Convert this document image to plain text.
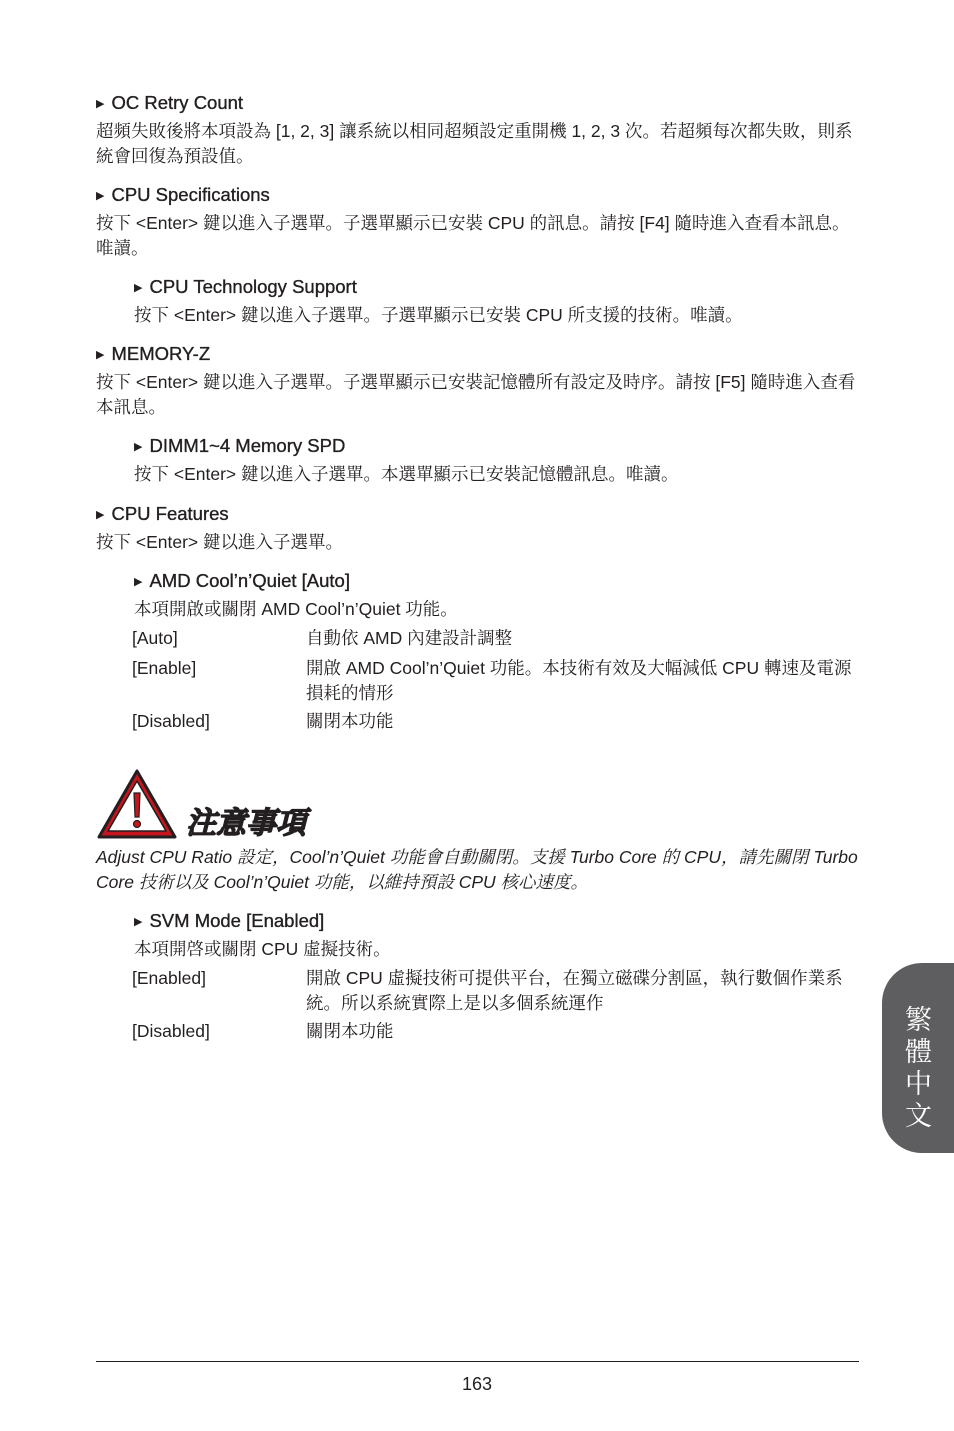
▶ OC Retry Count
超頻失敗後將本項設為 [1, 2, 3] 讓系統以相同超頻設定重開機 1, 2, 3 次。若超頻每次都失敗，則系統會回復為預設值。
▶ CPU Specifications
按下 <Enter> 鍵以進入子選單。子選單顯示已安裝 CPU 的訊息。請按 [F4] 隨時進入查看本訊息。唯讀。
▶ CPU Technology Support
按下 <Enter> 鍵以進入子選單。子選單顯示已安裝 CPU 所支援的技術。唯讀。
▶ MEMORY-Z
按下 <Enter> 鍵以進入子選單。子選單顯示已安裝記憶體所有設定及時序。請按 [F5] 隨時進入查看本訊息。
▶ DIMM1~4 Memory SPD
按下 <Enter> 鍵以進入子選單。本選單顯示已安裝記憶體訊息。唯讀。
▶ CPU Features
按下 <Enter> 鍵以進入子選單。
▶ AMD Cool’n’Quiet [Auto]
本項開啟或關閉 AMD Cool’n’Quiet 功能。
[Auto]	自動依 AMD 內建設計調整
[Enable]	開啟 AMD Cool’n’Quiet 功能。本技術有效及大幅減低 CPU 轉速及電源損耗的情形
[Disabled]	關閉本功能
注意事項
Adjust CPU Ratio 設定，Cool’n’Quiet 功能會自動關閉。支援 Turbo Core 的 CPU，請先關閉 Turbo Core 技術以及 Cool’n’Quiet 功能，以維持預設 CPU 核心速度。
▶ SVM Mode [Enabled]
本項開啓或關閉 CPU 虛擬技術。
[Enabled]	開啟 CPU 虛擬技術可提供平台，在獨立磁碟分割區，執行數個作業系統。所以系統實際上是以多個系統運作
[Disabled]	關閉本功能	繁體中文
163
